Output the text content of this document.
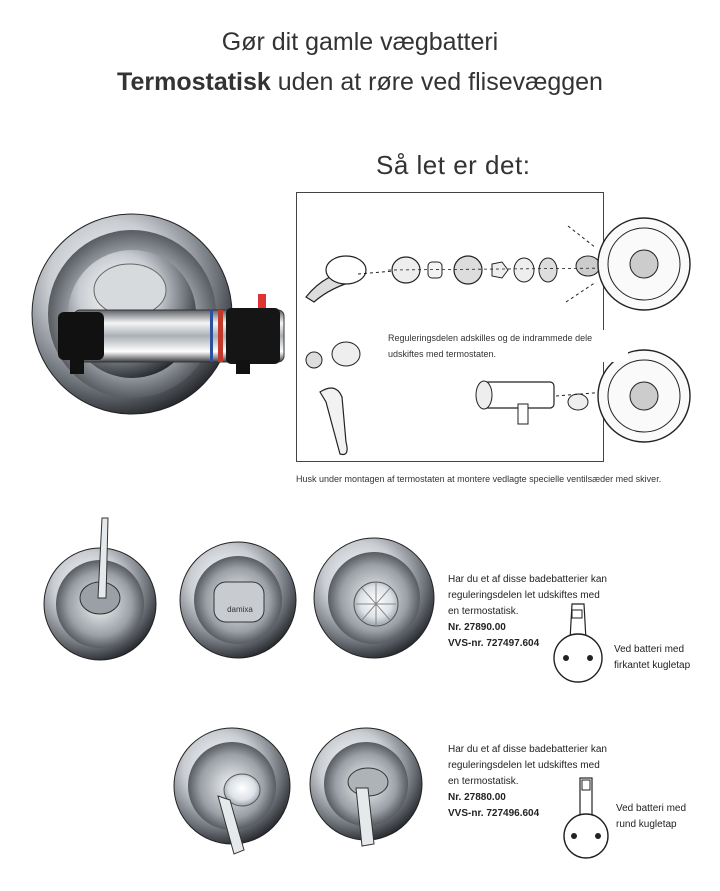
Gør dit gamle vægbatteri
Termostatisk uden at røre ved flisevæggen
Så let er det:
Reguleringsdelen adskilles og de indrammede dele udskiftes med termostaten.
Husk under montagen af termostaten at montere vedlagte specielle ventilsæder med skiver.
damixa
Har du et af disse badebatterier kan
reguleringsdelen let udskiftes med
en termostatisk.
Nr. 27890.00
VVS-nr. 727497.604
Ved batteri med
firkantet kugletap
Har du et af disse badebatterier kan
reguleringsdelen let udskiftes med
en termostatisk.
Nr. 27880.00
VVS-nr. 727496.604	Ved batteri med
rund kugletap
